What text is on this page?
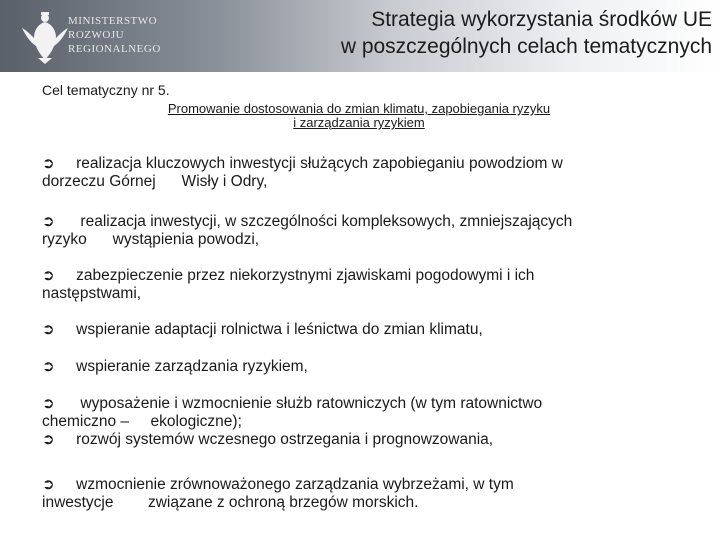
MINISTERSTWO
ROZWOJU
REGIONALNEGO
Strategia wykorzystania środków UE
w poszczególnych celach tematycznych
Cel tematyczny nr 5.
Promowanie dostosowania do zmian klimatu, zapobiegania ryzyku
i zarządzania ryzykiem
➲ realizacja kluczowych inwestycji służących zapobieganiu powodziom w
dorzeczu Górnej      Wisły i Odry,
➲      realizacja inwestycji, w szczególności kompleksowych, zmniejszających
ryzyko      wystąpienia powodzi,
➲ zabezpieczenie przez niekorzystnymi zjawiskami pogodowymi i ich
następstwami,
➲ wspieranie adaptacji rolnictwa i leśnictwa do zmian klimatu,
➲ wspieranie zarządzania ryzykiem,
➲      wyposażenie i wzmocnienie służb ratowniczych (w tym ratownictwo
chemiczno –     ekologiczne);
➲ rozwój systemów wczesnego ostrzegania i prognowzowania,
➲ wzmocnienie zrównoważonego zarządzania wybrzeżami, w tym
inwestycje        związane z ochroną brzegów morskich.
